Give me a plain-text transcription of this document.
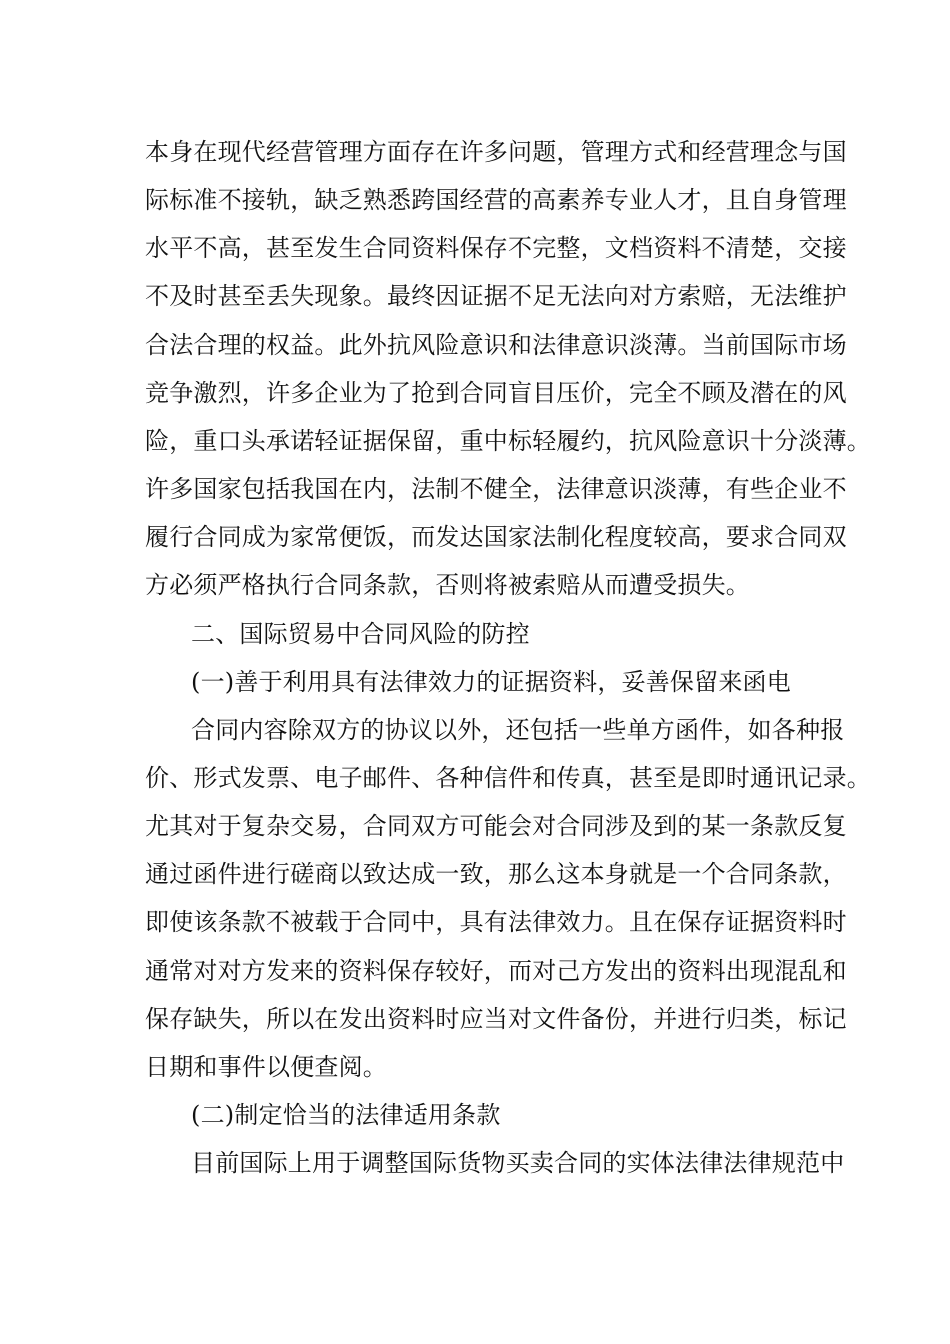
本身在现代经营管理方面存在许多问题，管理方式和经营理念与国
际标准不接轨，缺乏熟悉跨国经营的高素养专业人才，且自身管理
水平不高，甚至发生合同资料保存不完整，文档资料不清楚，交接
不及时甚至丢失现象。最终因证据不足无法向对方索赔，无法维护
合法合理的权益。此外抗风险意识和法律意识淡薄。当前国际市场
竞争激烈，许多企业为了抢到合同盲目压价，完全不顾及潜在的风
险，重口头承诺轻证据保留，重中标轻履约，抗风险意识十分淡薄。
许多国家包括我国在内，法制不健全，法律意识淡薄，有些企业不
履行合同成为家常便饭，而发达国家法制化程度较高，要求合同双
方必须严格执行合同条款，否则将被索赔从而遭受损失。
二、国际贸易中合同风险的防控
(一)善于利用具有法律效力的证据资料，妥善保留来函电
合同内容除双方的协议以外，还包括一些单方函件，如各种报
价、形式发票、电子邮件、各种信件和传真，甚至是即时通讯记录。
尤其对于复杂交易，合同双方可能会对合同涉及到的某一条款反复
通过函件进行磋商以致达成一致，那么这本身就是一个合同条款，
即使该条款不被载于合同中，具有法律效力。且在保存证据资料时
通常对对方发来的资料保存较好，而对己方发出的资料出现混乱和
保存缺失，所以在发出资料时应当对文件备份，并进行归类，标记
日期和事件以便查阅。
(二)制定恰当的法律适用条款
目前国际上用于调整国际货物买卖合同的实体法律法律规范中
